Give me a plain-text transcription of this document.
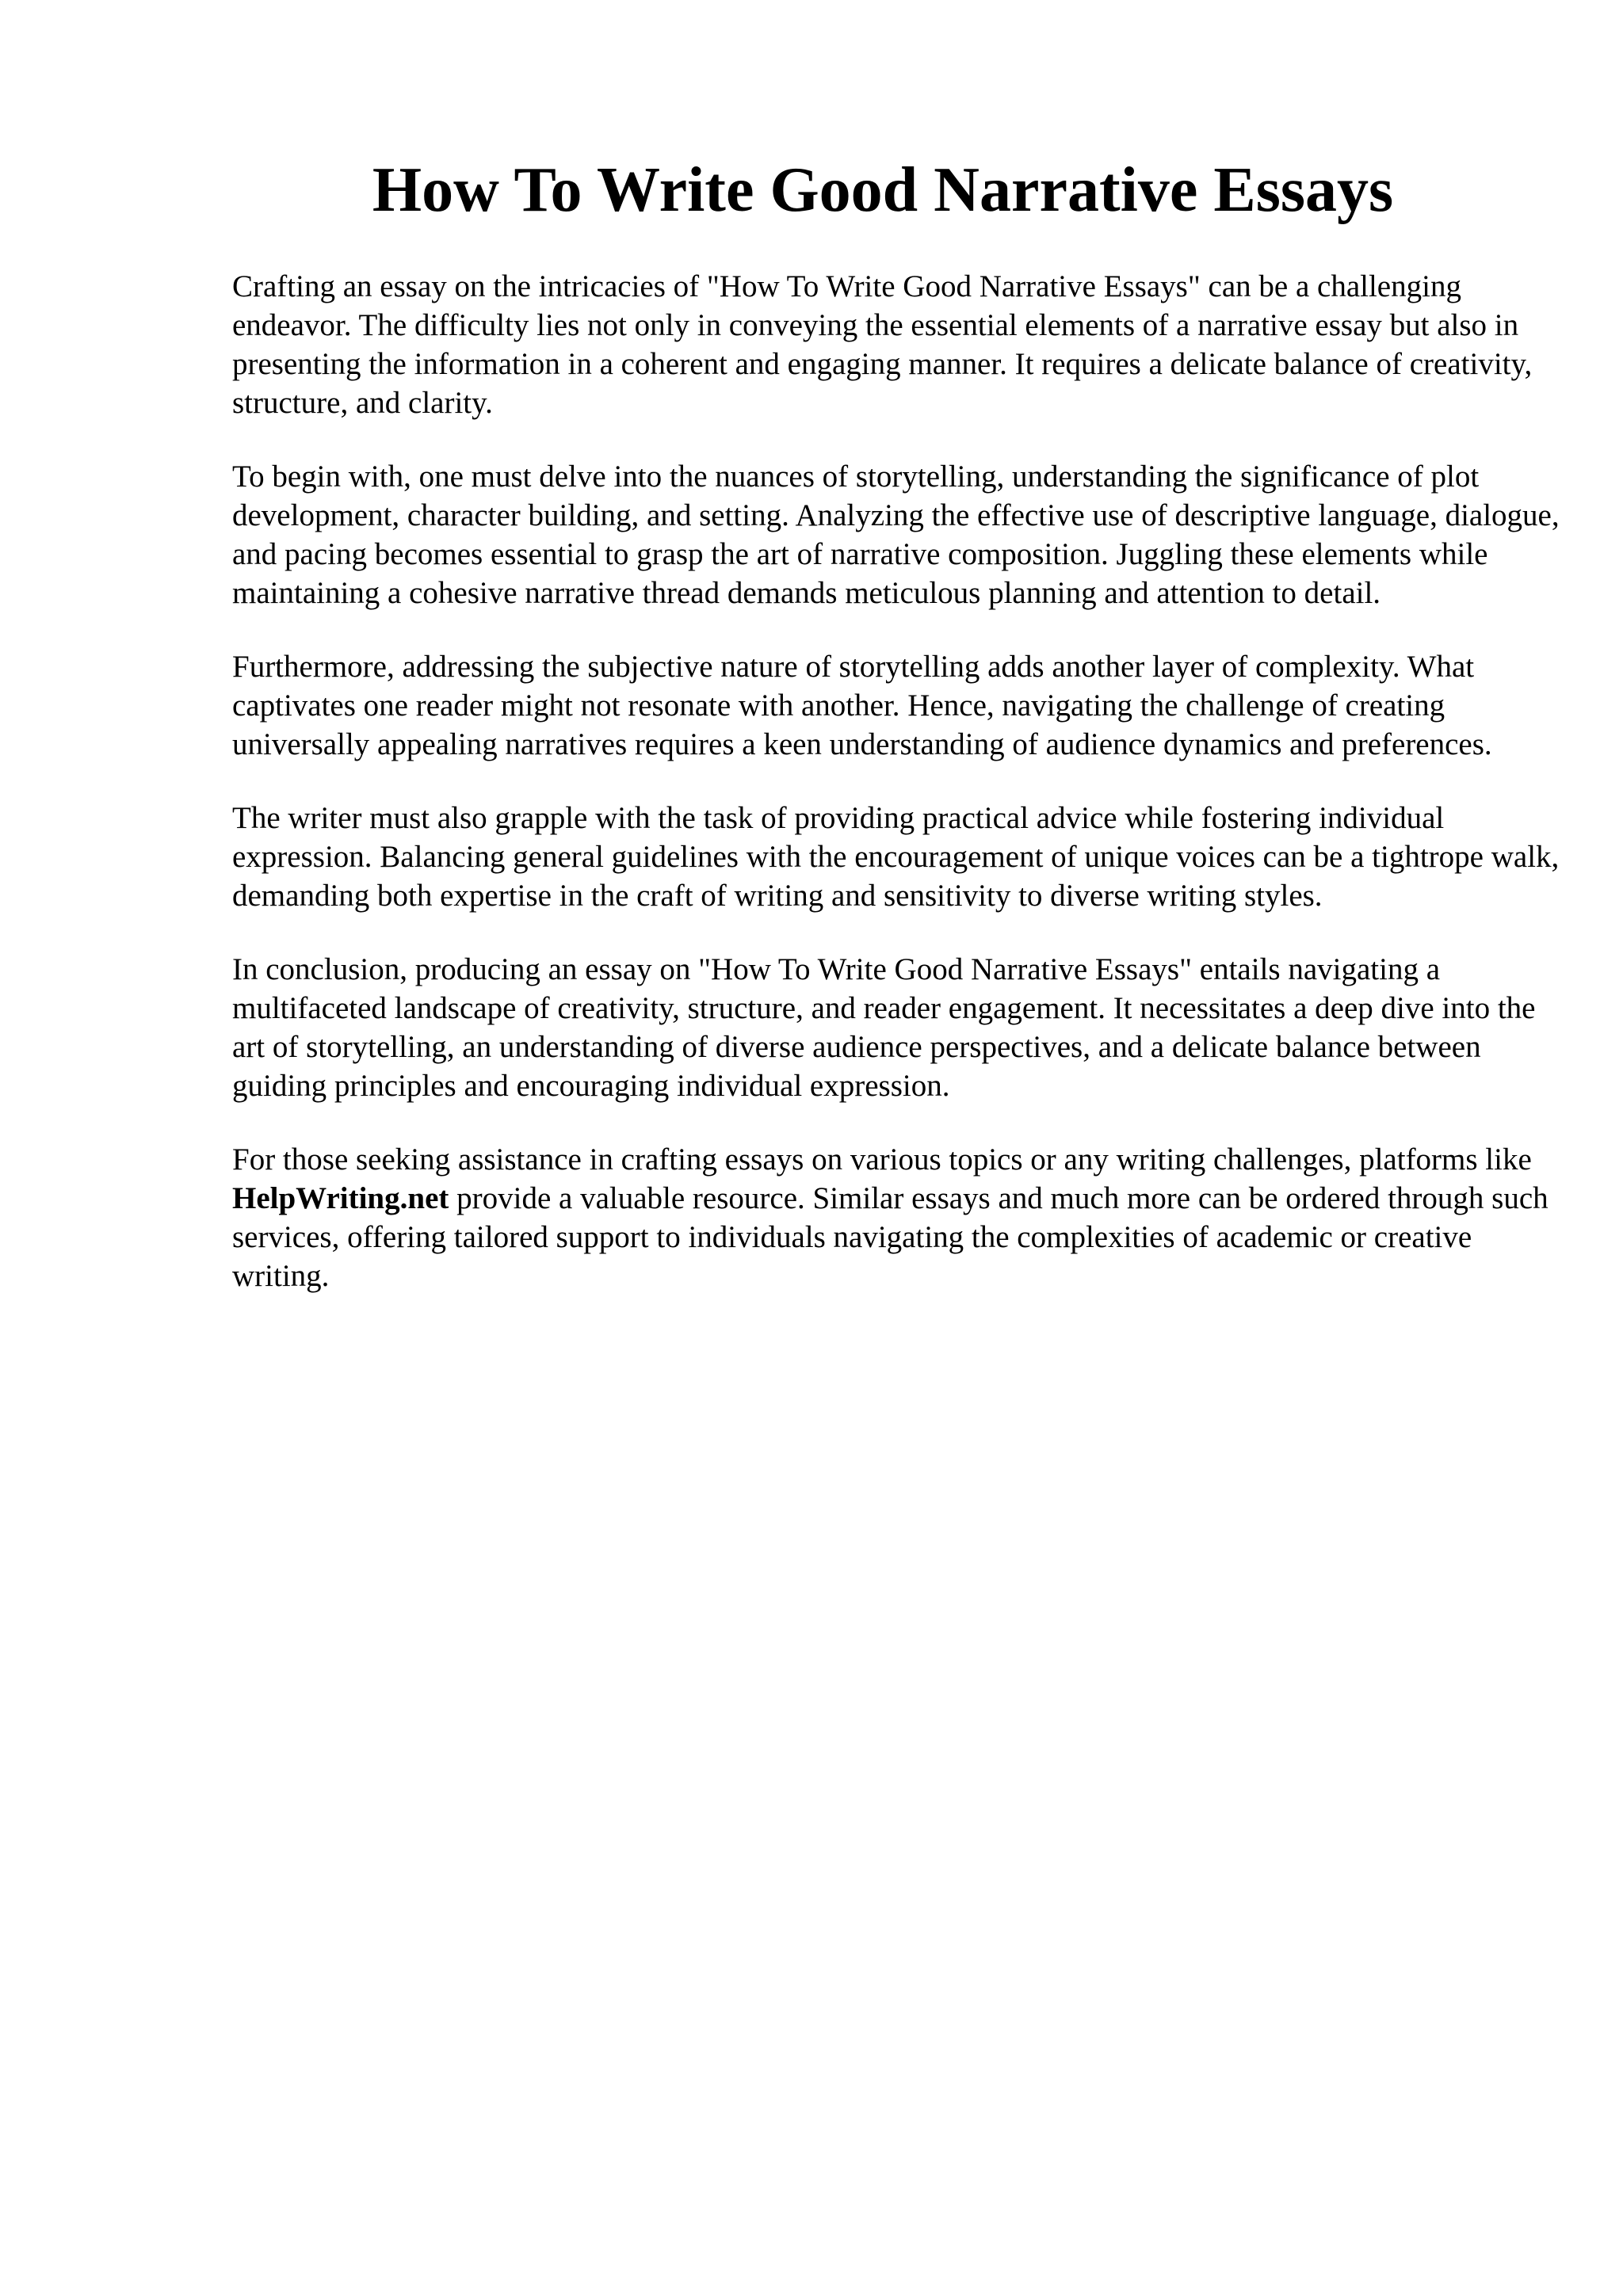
How To Write Good Narrative Essays

Crafting an essay on the intricacies of "How To Write Good Narrative Essays" can be a challenging endeavor. The difficulty lies not only in conveying the essential elements of a narrative essay but also in presenting the information in a coherent and engaging manner. It requires a delicate balance of creativity, structure, and clarity.

To begin with, one must delve into the nuances of storytelling, understanding the significance of plot development, character building, and setting. Analyzing the effective use of descriptive language, dialogue, and pacing becomes essential to grasp the art of narrative composition. Juggling these elements while maintaining a cohesive narrative thread demands meticulous planning and attention to detail.

Furthermore, addressing the subjective nature of storytelling adds another layer of complexity. What captivates one reader might not resonate with another. Hence, navigating the challenge of creating universally appealing narratives requires a keen understanding of audience dynamics and preferences.

The writer must also grapple with the task of providing practical advice while fostering individual expression. Balancing general guidelines with the encouragement of unique voices can be a tightrope walk, demanding both expertise in the craft of writing and sensitivity to diverse writing styles.

In conclusion, producing an essay on "How To Write Good Narrative Essays" entails navigating a multifaceted landscape of creativity, structure, and reader engagement. It necessitates a deep dive into the art of storytelling, an understanding of diverse audience perspectives, and a delicate balance between guiding principles and encouraging individual expression.

For those seeking assistance in crafting essays on various topics or any writing challenges, platforms like HelpWriting.net provide a valuable resource. Similar essays and much more can be ordered through such services, offering tailored support to individuals navigating the complexities of academic or creative writing.
